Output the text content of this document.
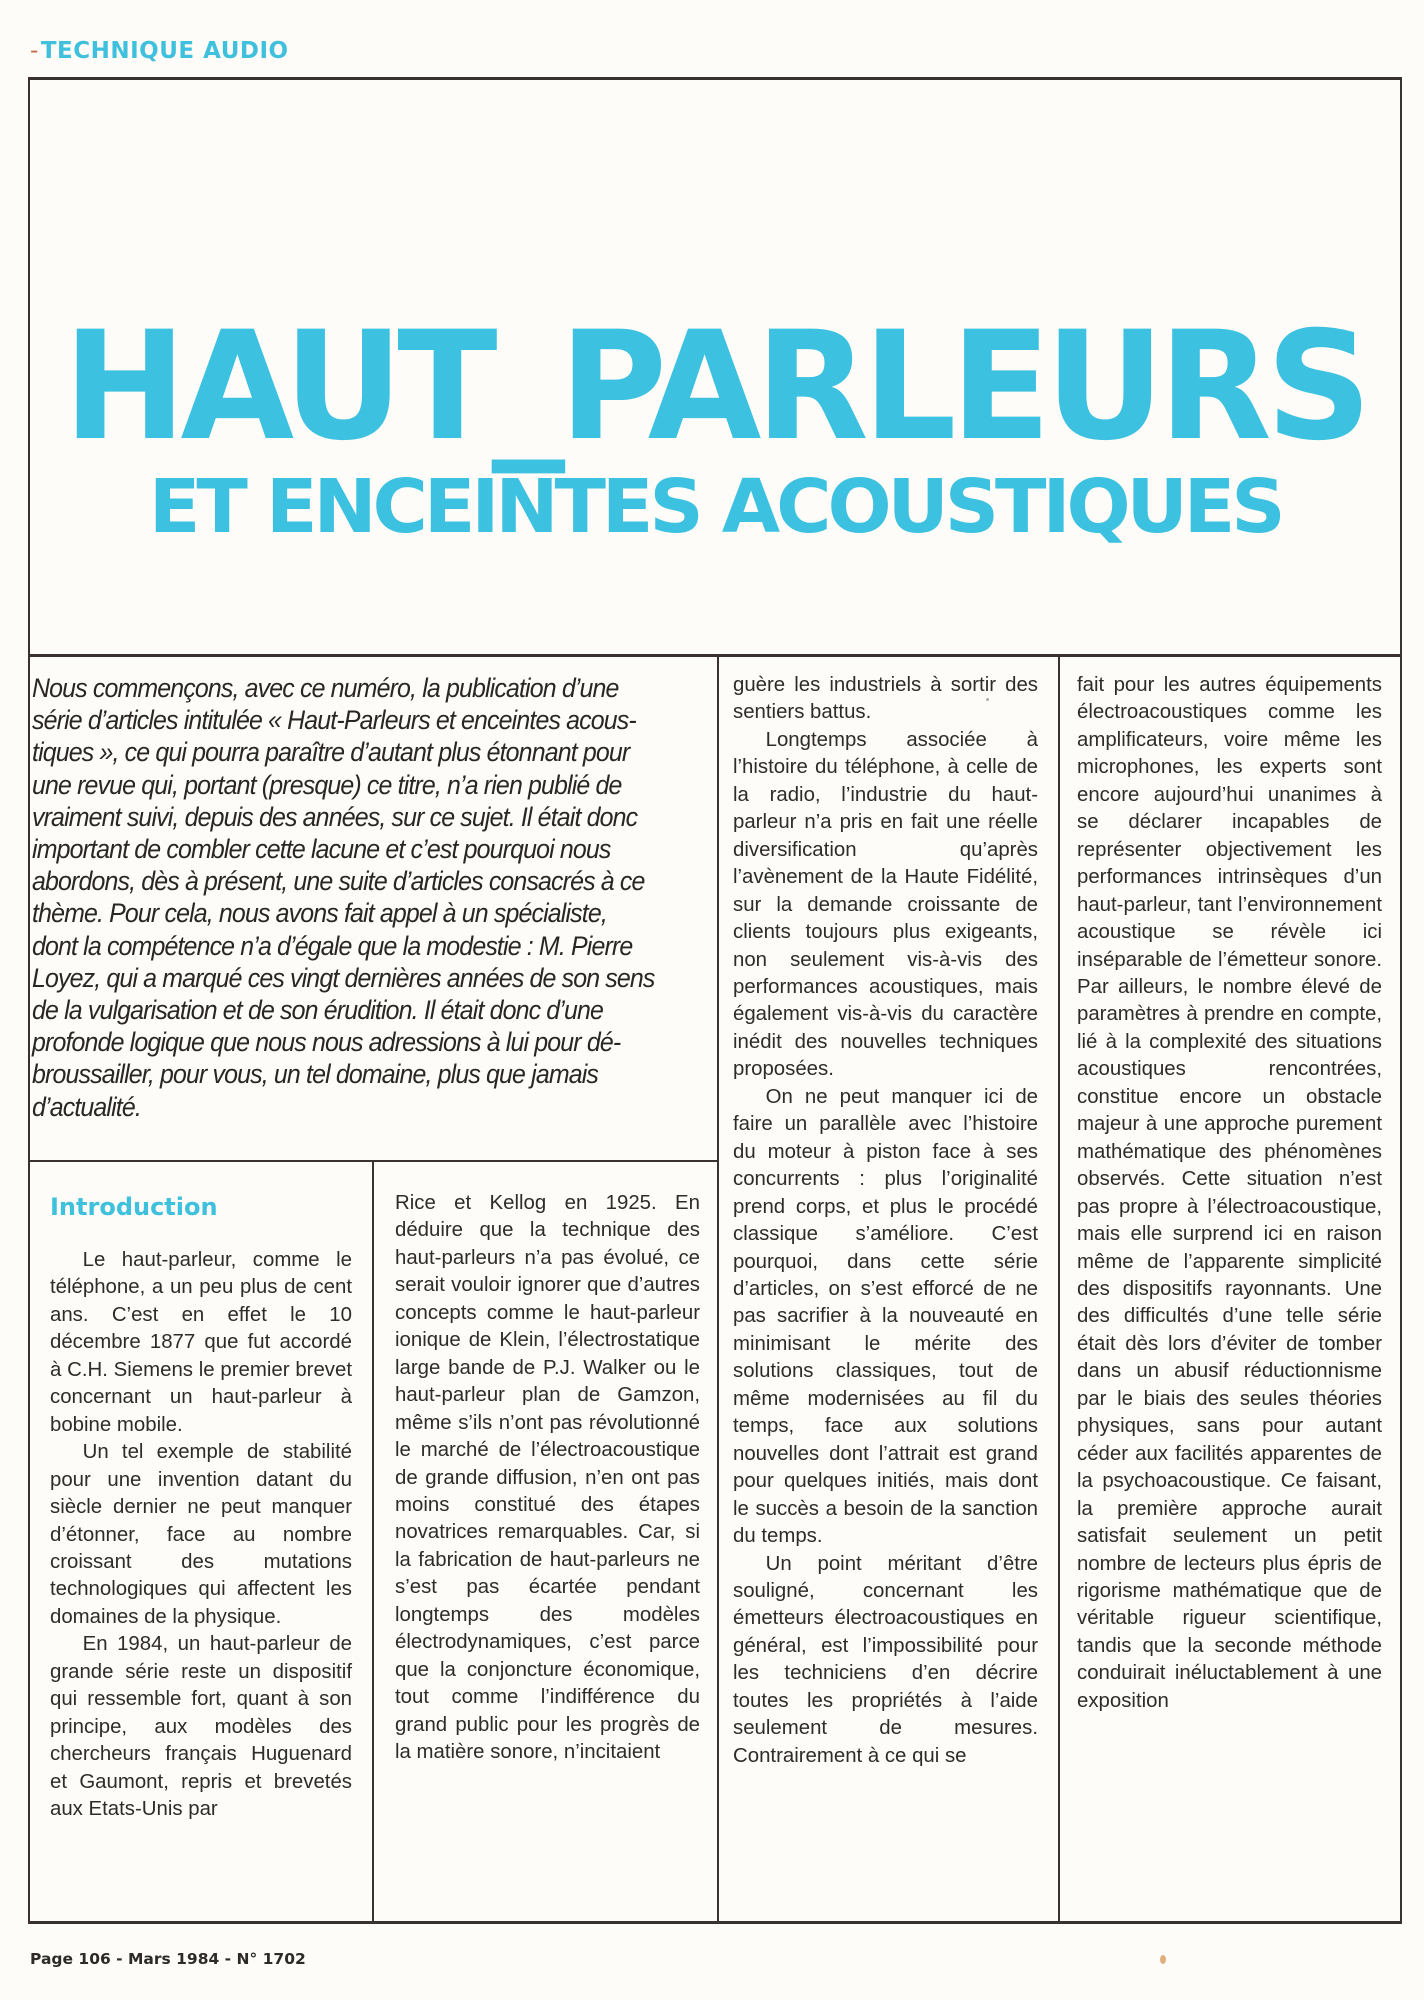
-TECHNIQUE AUDIO
HAUT_PARLEURS
ET ENCEINTES ACOUSTIQUES
Nous commençons, avec ce numéro, la publication d’une
série d’articles intitulée « Haut-Parleurs et enceintes acous-
tiques », ce qui pourra paraître d’autant plus étonnant pour
une revue qui, portant (presque) ce titre, n’a rien publié de
vraiment suivi, depuis des années, sur ce sujet. Il était donc
important de combler cette lacune et c’est pourquoi nous
abordons, dès à présent, une suite d’articles consacrés à ce
thème. Pour cela, nous avons fait appel à un spécialiste,
dont la compétence n’a d’égale que la modestie : M. Pierre
Loyez, qui a marqué ces vingt dernières années de son sens
de la vulgarisation et de son érudition. Il était donc d’une
profonde logique que nous nous adressions à lui pour dé-
broussailler, pour vous, un tel domaine, plus que jamais
d’actualité.
Introduction

Le haut-parleur, comme le téléphone, a un peu plus de cent ans. C’est en effet le 10 décembre 1877 que fut accordé à C.H. Siemens le premier brevet concernant un haut-parleur à bobine mobile.

Un tel exemple de stabilité pour une invention datant du siècle dernier ne peut manquer d’étonner, face au nombre croissant des mutations technologiques qui affectent les domaines de la physique.

En 1984, un haut-parleur de grande série reste un dispositif qui ressemble fort, quant à son principe, aux modèles des chercheurs français Huguenard et Gaumont, repris et brevetés aux Etats-Unis par

Rice et Kellog en 1925. En déduire que la technique des haut-parleurs n’a pas évolué, ce serait vouloir ignorer que d’autres concepts comme le haut-parleur ionique de Klein, l’électrostatique large bande de P.J. Walker ou le haut-parleur plan de Gamzon, même s’ils n’ont pas révolutionné le marché de l’électroacoustique de grande diffusion, n’en ont pas moins constitué des étapes novatrices remarquables. Car, si la fabrication de haut-parleurs ne s’est pas écartée pendant longtemps des modèles électrodynamiques, c’est parce que la conjoncture économique, tout comme l’indifférence du grand public pour les progrès de la matière sonore, n’incitaient

guère les industriels à sortir des sentiers battus.

Longtemps associée à l’histoire du téléphone, à celle de la radio, l’industrie du haut-parleur n’a pris en fait une réelle diversification qu’après l’avènement de la Haute Fidélité, sur la demande croissante de clients toujours plus exigeants, non seulement vis-à-vis des performances acoustiques, mais également vis-à-vis du caractère inédit des nouvelles techniques proposées.

On ne peut manquer ici de faire un parallèle avec l’histoire du moteur à piston face à ses concurrents : plus l’originalité prend corps, et plus le procédé classique s’améliore. C’est pourquoi, dans cette série d’articles, on s’est efforcé de ne pas sacrifier à la nouveauté en minimisant le mérite des solutions classiques, tout de même modernisées au fil du temps, face aux solutions nouvelles dont l’attrait est grand pour quelques initiés, mais dont le succès a besoin de la sanction du temps.

Un point méritant d’être souligné, concernant les émetteurs électroacoustiques en général, est l’impossibilité pour les techniciens d’en décrire toutes les propriétés à l’aide seulement de mesures. Contrairement à ce qui se

fait pour les autres équipements électroacoustiques comme les amplificateurs, voire même les microphones, les experts sont encore aujourd’hui unanimes à se déclarer incapables de représenter objectivement les performances intrinsèques d’un haut-parleur, tant l’environnement acoustique se révèle ici inséparable de l’émetteur sonore. Par ailleurs, le nombre élevé de paramètres à prendre en compte, lié à la complexité des situations acoustiques rencontrées, constitue encore un obstacle majeur à une approche purement mathématique des phénomènes observés. Cette situation n’est pas propre à l’électroacoustique, mais elle surprend ici en raison même de l’apparente simplicité des dispositifs rayonnants. Une des difficultés d’une telle série était dès lors d’éviter de tomber dans un abusif réductionnisme par le biais des seules théories physiques, sans pour autant céder aux facilités apparentes de la psychoacoustique. Ce faisant, la première approche aurait satisfait seulement un petit nombre de lecteurs plus épris de rigorisme mathématique que de véritable rigueur scientifique, tandis que la seconde méthode conduirait inéluctablement à une exposition

Page 106 - Mars 1984 - N° 1702
